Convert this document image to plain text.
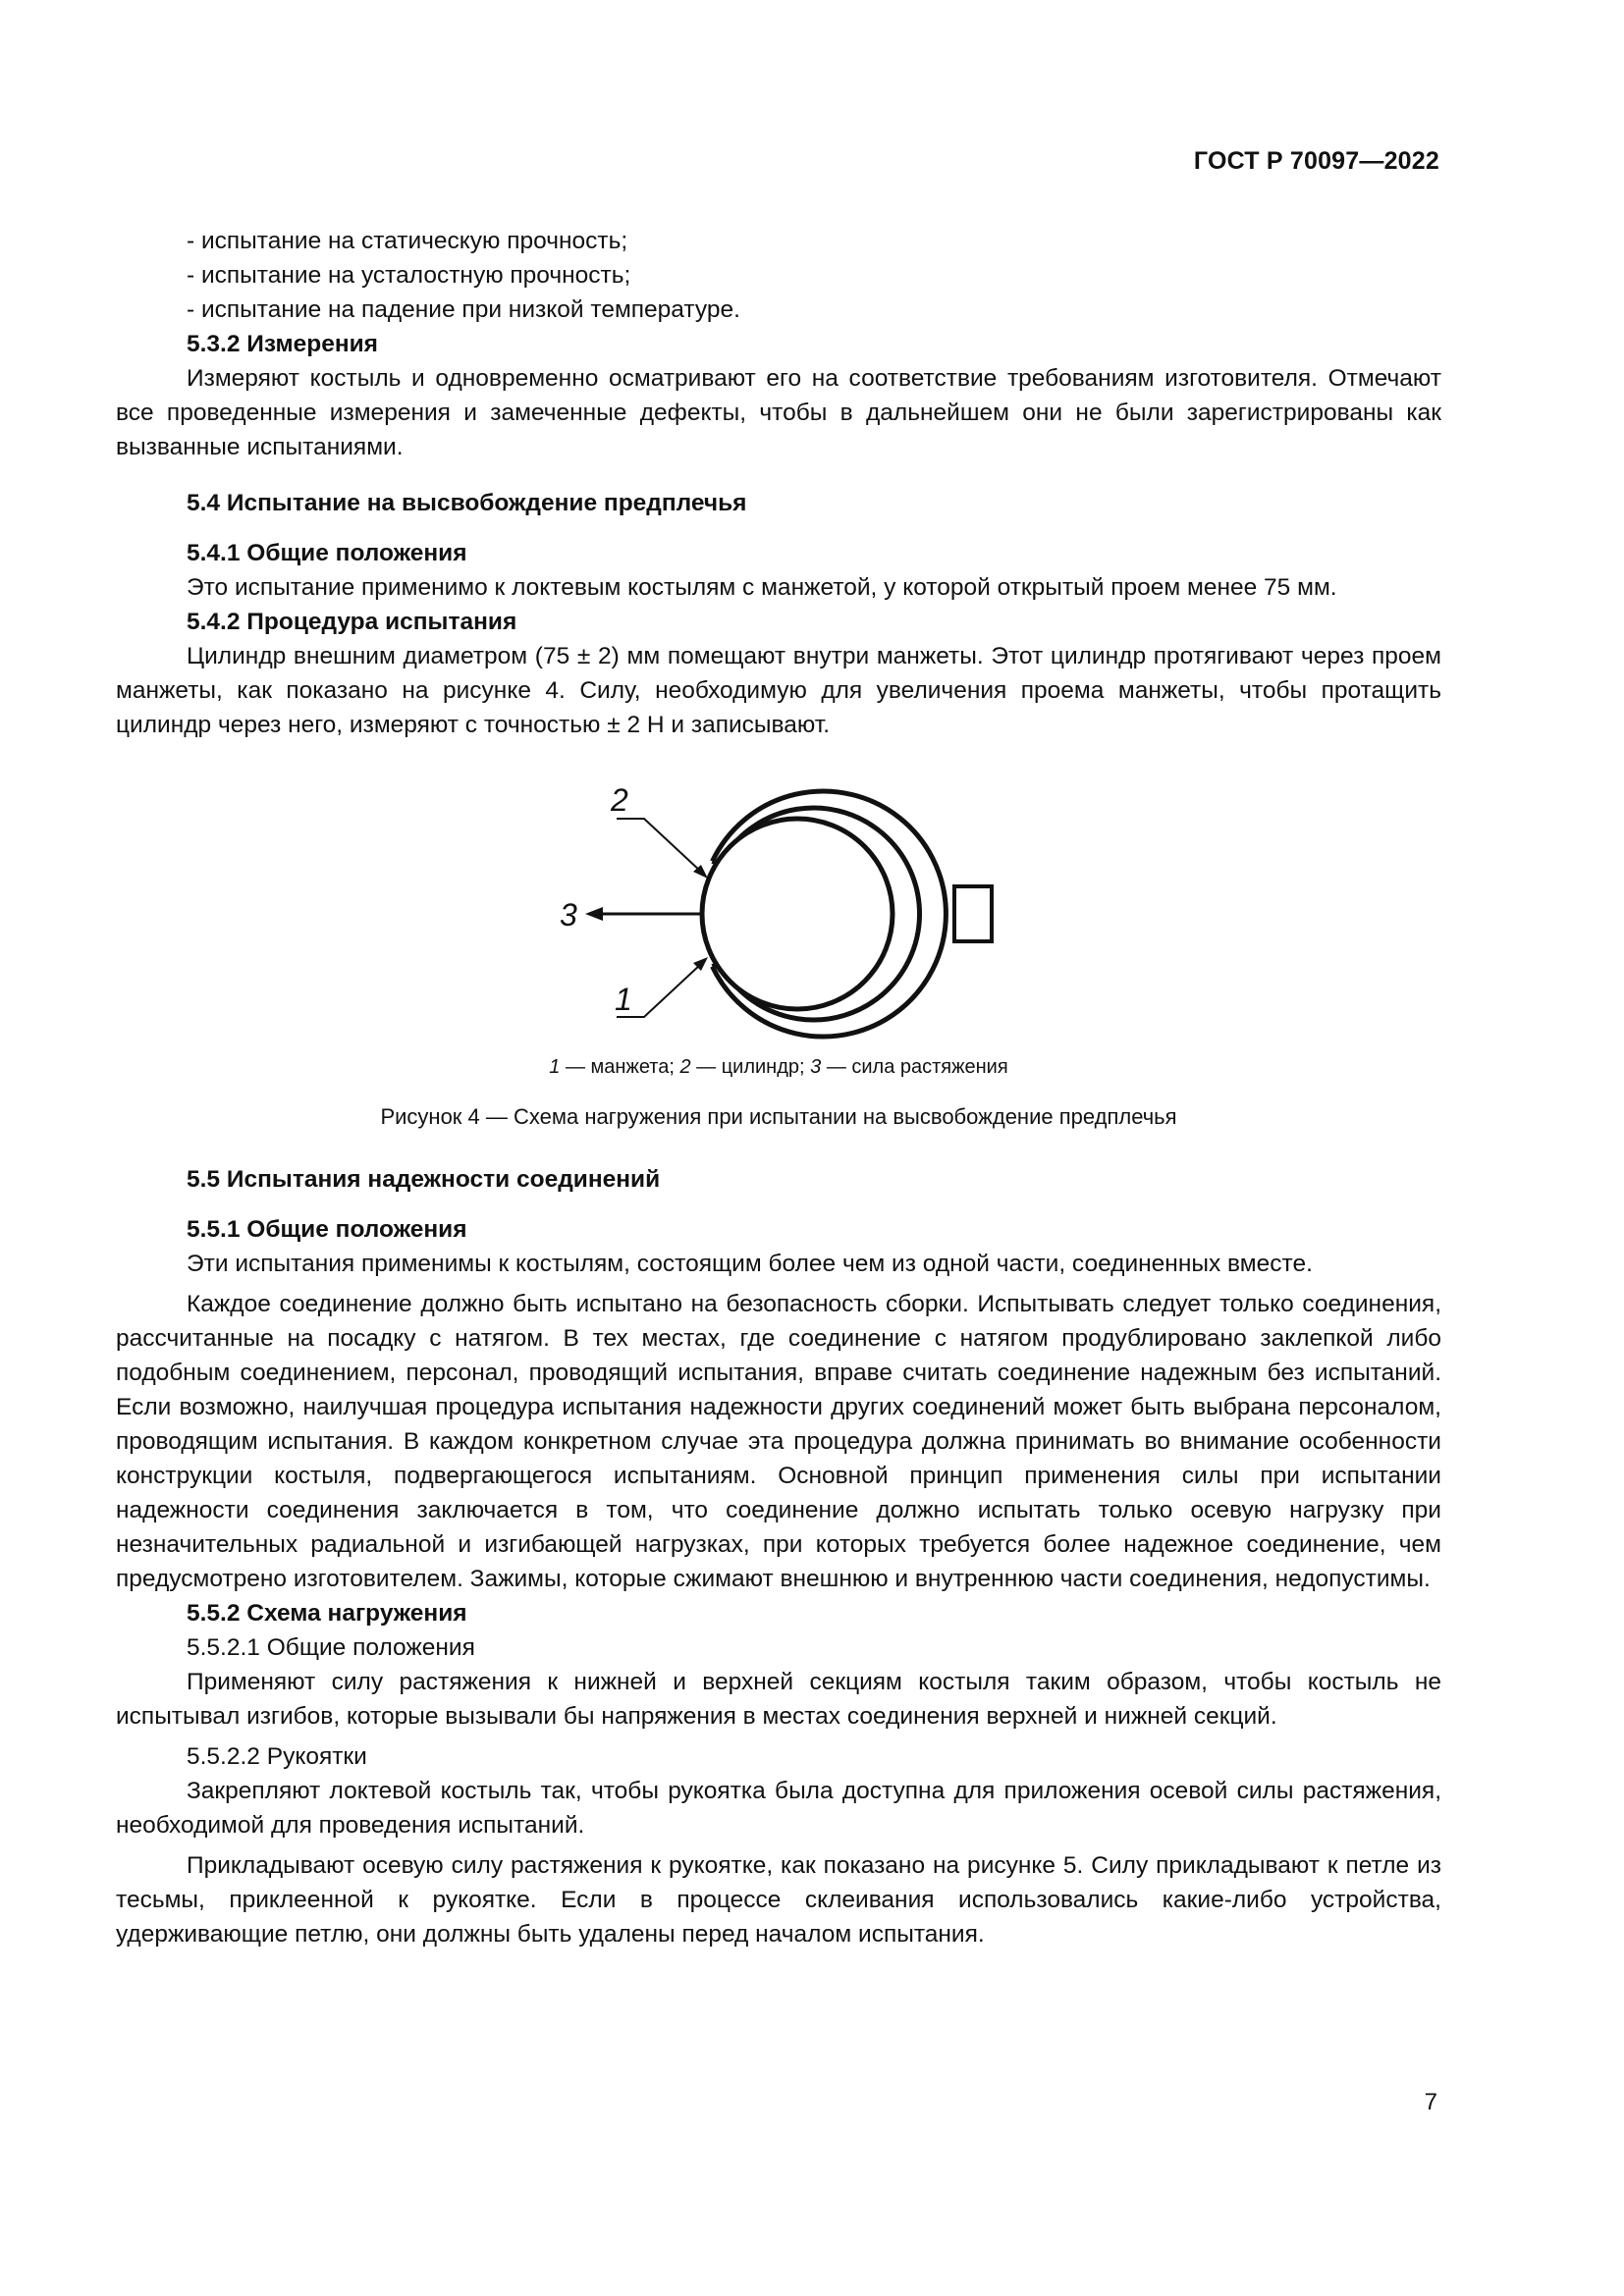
ГОСТ Р 70097—2022

- испытание на статическую прочность;

- испытание на усталостную прочность;

- испытание на падение при низкой температуре.

5.3.2 Измерения

Измеряют костыль и одновременно осматривают его на соответствие требованиям изготовителя. Отмечают все проведенные измерения и замеченные дефекты, чтобы в дальнейшем они не были зарегистрированы как вызванные испытаниями.

5.4 Испытание на высвобождение предплечья

5.4.1 Общие положения

Это испытание применимо к локтевым костылям с манжетой, у которой открытый проем менее 75 мм.

5.4.2 Процедура испытания

Цилиндр внешним диаметром (75 ± 2) мм помещают внутри манжеты. Этот цилиндр протягивают через проем манжеты, как показано на рисунке 4. Силу, необходимую для увеличения проема манжеты, чтобы протащить цилиндр через него, измеряют с точностью ± 2 Н и записывают.

2
3
1

1 — манжета; 2 — цилиндр; 3 — сила растяжения

Рисунок 4 — Схема нагружения при испытании на высвобождение предплечья

5.5 Испытания надежности соединений

5.5.1 Общие положения

Эти испытания применимы к костылям, состоящим более чем из одной части, соединенных вместе.

Каждое соединение должно быть испытано на безопасность сборки. Испытывать следует только соединения, рассчитанные на посадку с натягом. В тех местах, где соединение с натягом продублировано заклепкой либо подобным соединением, персонал, проводящий испытания, вправе считать соединение надежным без испытаний. Если возможно, наилучшая процедура испытания надежности других соединений может быть выбрана персоналом, проводящим испытания. В каждом конкретном случае эта процедура должна принимать во внимание особенности конструкции костыля, подвергающегося испытаниям. Основной принцип применения силы при испытании надежности соединения заключается в том, что соединение должно испытать только осевую нагрузку при незначительных радиальной и изгибающей нагрузках, при которых требуется более надежное соединение, чем предусмотрено изготовителем. Зажимы, которые сжимают внешнюю и внутреннюю части соединения, недопустимы.

5.5.2 Схема нагружения

5.5.2.1 Общие положения

Применяют силу растяжения к нижней и верхней секциям костыля таким образом, чтобы костыль не испытывал изгибов, которые вызывали бы напряжения в местах соединения верхней и нижней секций.

5.5.2.2 Рукоятки

Закрепляют локтевой костыль так, чтобы рукоятка была доступна для приложения осевой силы растяжения, необходимой для проведения испытаний.

Прикладывают осевую силу растяжения к рукоятке, как показано на рисунке 5. Силу прикладывают к петле из тесьмы, приклеенной к рукоятке. Если в процессе склеивания использовались какие-либо устройства, удерживающие петлю, они должны быть удалены перед началом испытания.

7
